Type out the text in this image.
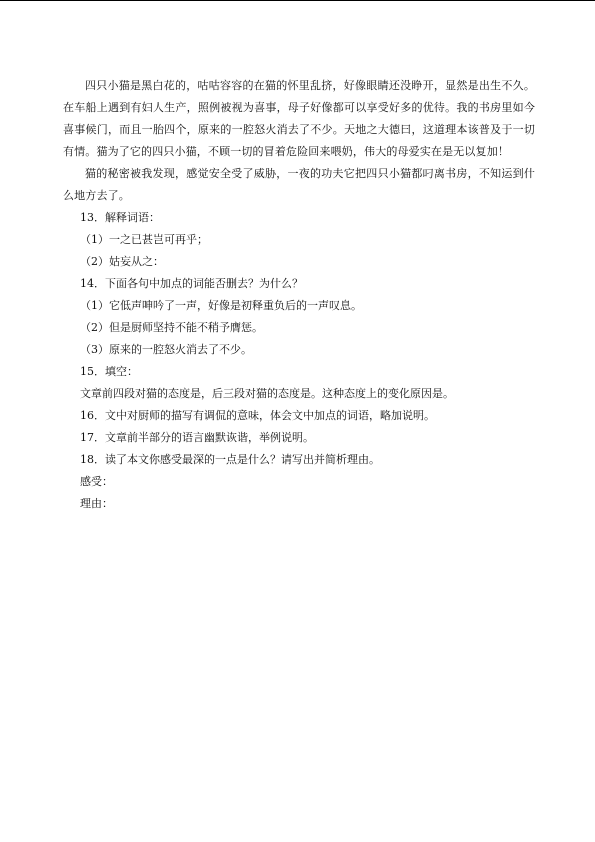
四只小猫是黑白花的，咕咕容容的在猫的怀里乱挤，好像眼睛还没睁开，显然是出生不久。在车船上遇到有妇人生产，照例被视为喜事，母子好像都可以享受好多的优待。我的书房里如今喜事候门，而且一胎四个，原来的一腔怒火消去了不少。天地之大德曰，这道理本该普及于一切有情。猫为了它的四只小猫，不顾一切的冒着危险回来喂奶，伟大的母爱实在是无以复加！

猫的秘密被我发现，感觉安全受了威胁，一夜的功夫它把四只小猫都叼离书房，不知运到什么地方去了。

13．解释词语：

（1）一之已甚岂可再乎；

（2）姑妄从之：

14．下面各句中加点的词能否删去？为什么？

（1）它低声呻吟了一声，好像是初释重负后的一声叹息。

（2）但是厨师坚持不能不稍予膺惩。

（3）原来的一腔怒火消去了不少。

15．填空：

文章前四段对猫的态度是，后三段对猫的态度是。这种态度上的变化原因是。

16．文中对厨师的描写有调侃的意味，体会文中加点的词语，略加说明。

17．文章前半部分的语言幽默诙谐，举例说明。

18．读了本文你感受最深的一点是什么？请写出并简析理由。

感受：

理由：
